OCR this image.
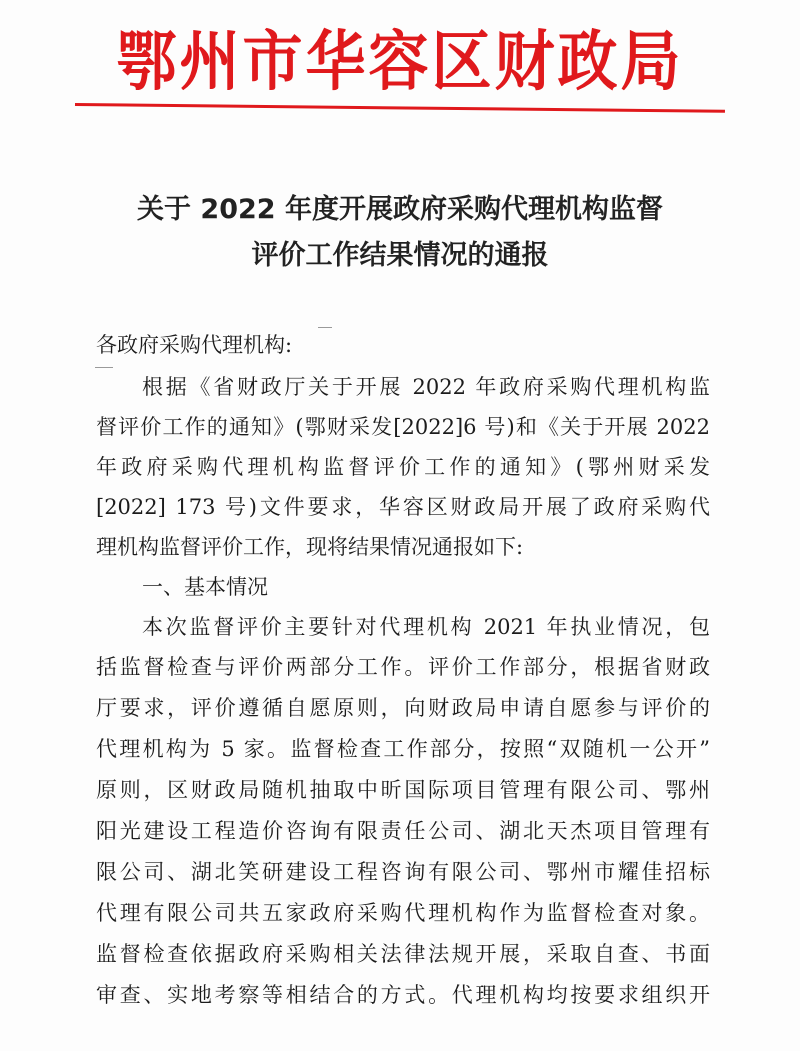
鄂州市华容区财政局
关于 2022 年度开展政府采购代理机构监督
评价工作结果情况的通报
各政府采购代理机构:
根据《省财政厅关于开展 2022 年政府采购代理机构监
督评价工作的通知》(鄂财采发[2022]6 号)和《关于开展 2022
年政府采购代理机构监督评价工作的通知》(鄂州财采发
[2022] 173 号)文件要求，华容区财政局开展了政府采购代
理机构监督评价工作，现将结果情况通报如下:
一、基本情况
本次监督评价主要针对代理机构 2021 年执业情况，包
括监督检查与评价两部分工作。评价工作部分，根据省财政
厅要求，评价遵循自愿原则，向财政局申请自愿参与评价的
代理机构为 5 家。监督检查工作部分，按照“双随机一公开”
原则，区财政局随机抽取中昕国际项目管理有限公司、鄂州
阳光建设工程造价咨询有限责任公司、湖北天杰项目管理有
限公司、湖北笑研建设工程咨询有限公司、鄂州市耀佳招标
代理有限公司共五家政府采购代理机构作为监督检查对象。
监督检查依据政府采购相关法律法规开展，采取自查、书面
审查、实地考察等相结合的方式。代理机构均按要求组织开
